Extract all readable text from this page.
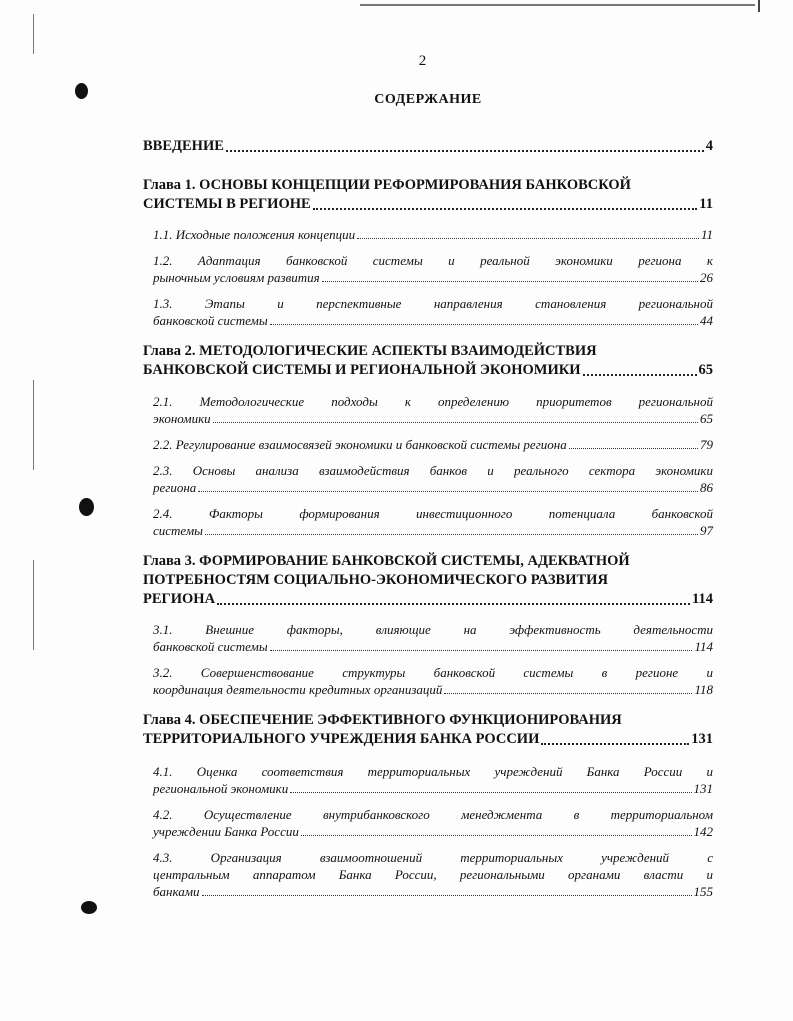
2
СОДЕРЖАНИЕ
ВВЕДЕНИЕ	4
Глава 1. ОСНОВЫ КОНЦЕПЦИИ РЕФОРМИРОВАНИЯ БАНКОВСКОЙ
СИСТЕМЫ В РЕГИОНЕ	11
1.1. Исходные положения концепции	11
1.2. Адаптация банковской системы и реальной экономики региона к
рыночным условиям развития	26
1.3. Этапы и перспективные направления становления региональной
банковской системы	44
Глава 2. МЕТОДОЛОГИЧЕСКИЕ АСПЕКТЫ ВЗАИМОДЕЙСТВИЯ
БАНКОВСКОЙ СИСТЕМЫ И РЕГИОНАЛЬНОЙ ЭКОНОМИКИ	65
2.1. Методологические подходы к определению приоритетов региональной
экономики	65
2.2. Регулирование взаимосвязей экономики и банковской системы региона	79
2.3. Основы анализа взаимодействия банков и реального сектора экономики
региона	86
2.4. Факторы формирования инвестиционного потенциала банковской
системы	97
Глава 3. ФОРМИРОВАНИЕ БАНКОВСКОЙ СИСТЕМЫ, АДЕКВАТНОЙ
ПОТРЕБНОСТЯМ СОЦИАЛЬНО-ЭКОНОМИЧЕСКОГО РАЗВИТИЯ
РЕГИОНА	114
3.1. Внешние факторы, влияющие на эффективность деятельности
банковской системы	114
3.2. Совершенствование структуры банковской системы в регионе и
координация деятельности кредитных организаций	118
Глава 4. ОБЕСПЕЧЕНИЕ ЭФФЕКТИВНОГО ФУНКЦИОНИРОВАНИЯ
ТЕРРИТОРИАЛЬНОГО УЧРЕЖДЕНИЯ БАНКА РОССИИ	131
4.1. Оценка соответствия территориальных учреждений Банка России и
региональной экономики	131
4.2. Осуществление внутрибанковского менеджмента в территориальном
учреждении Банка России	142
4.3. Организация взаимоотношений территориальных учреждений с
центральным аппаратом Банка России, региональными органами власти и
банками	155
